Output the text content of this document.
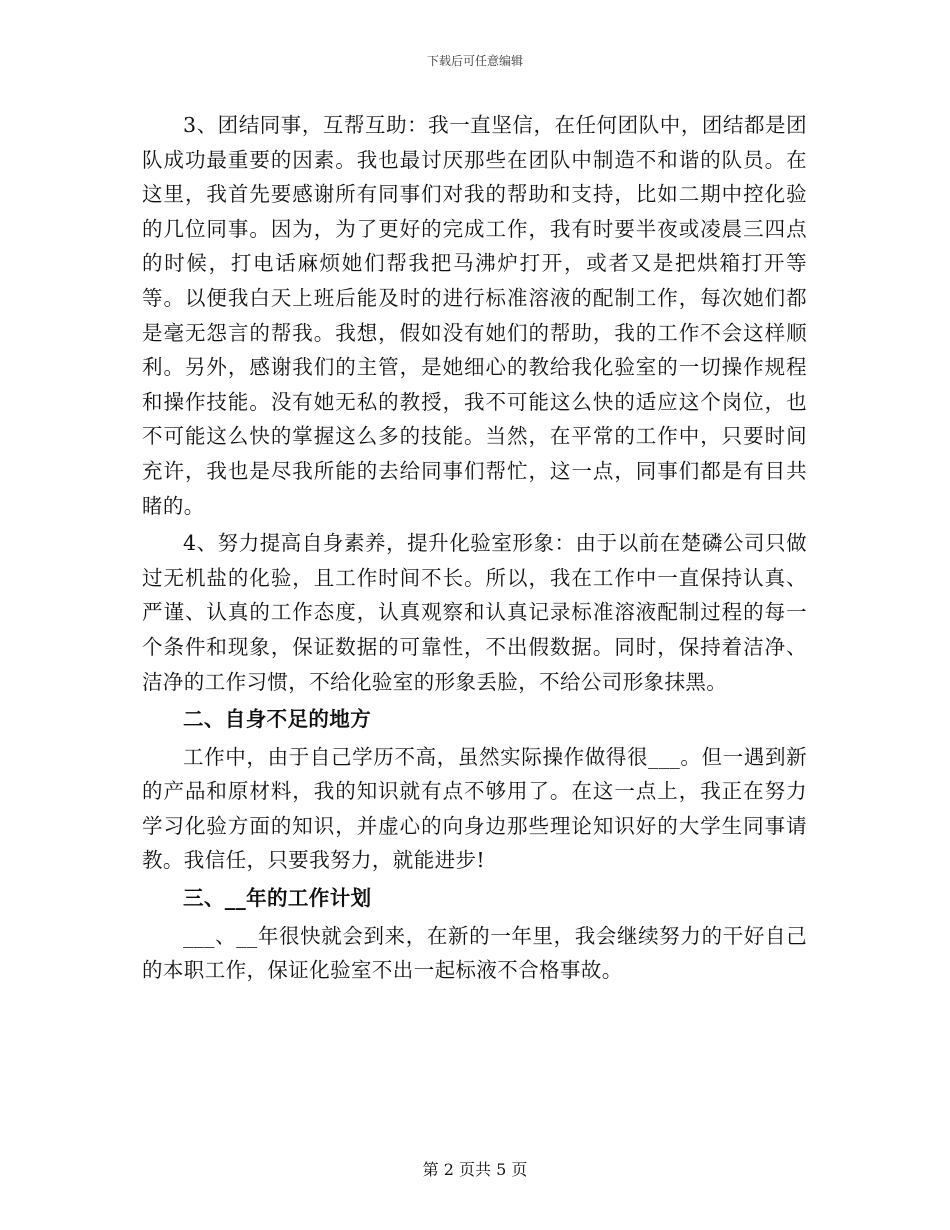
下载后可任意编辑

3、团结同事，互帮互助：我一直坚信，在任何团队中，团结都是团队成功最重要的因素。我也最讨厌那些在团队中制造不和谐的队员。在这里，我首先要感谢所有同事们对我的帮助和支持，比如二期中控化验的几位同事。因为，为了更好的完成工作，我有时要半夜或凌晨三四点的时候，打电话麻烦她们帮我把马沸炉打开，或者又是把烘箱打开等等。以便我白天上班后能及时的进行标准溶液的配制工作，每次她们都是毫无怨言的帮我。我想，假如没有她们的帮助，我的工作不会这样顺利。另外，感谢我们的主管，是她细心的教给我化验室的一切操作规程和操作技能。没有她无私的教授，我不可能这么快的适应这个岗位，也不可能这么快的掌握这么多的技能。当然，在平常的工作中，只要时间充许，我也是尽我所能的去给同事们帮忙，这一点，同事们都是有目共睹的。

4、努力提高自身素养，提升化验室形象：由于以前在楚磷公司只做过无机盐的化验，且工作时间不长。所以，我在工作中一直保持认真、严谨、认真的工作态度，认真观察和认真记录标准溶液配制过程的每一个条件和现象，保证数据的可靠性，不出假数据。同时，保持着洁净、洁净的工作习惯，不给化验室的形象丢脸，不给公司形象抹黑。

二、自身不足的地方

工作中，由于自己学历不高，虽然实际操作做得很___。但一遇到新的产品和原材料，我的知识就有点不够用了。在这一点上，我正在努力学习化验方面的知识，并虚心的向身边那些理论知识好的大学生同事请教。我信任，只要我努力，就能进步!

三、__年的工作计划

___、__年很快就会到来，在新的一年里，我会继续努力的干好自己的本职工作，保证化验室不出一起标液不合格事故。

第 2 页共 5 页
